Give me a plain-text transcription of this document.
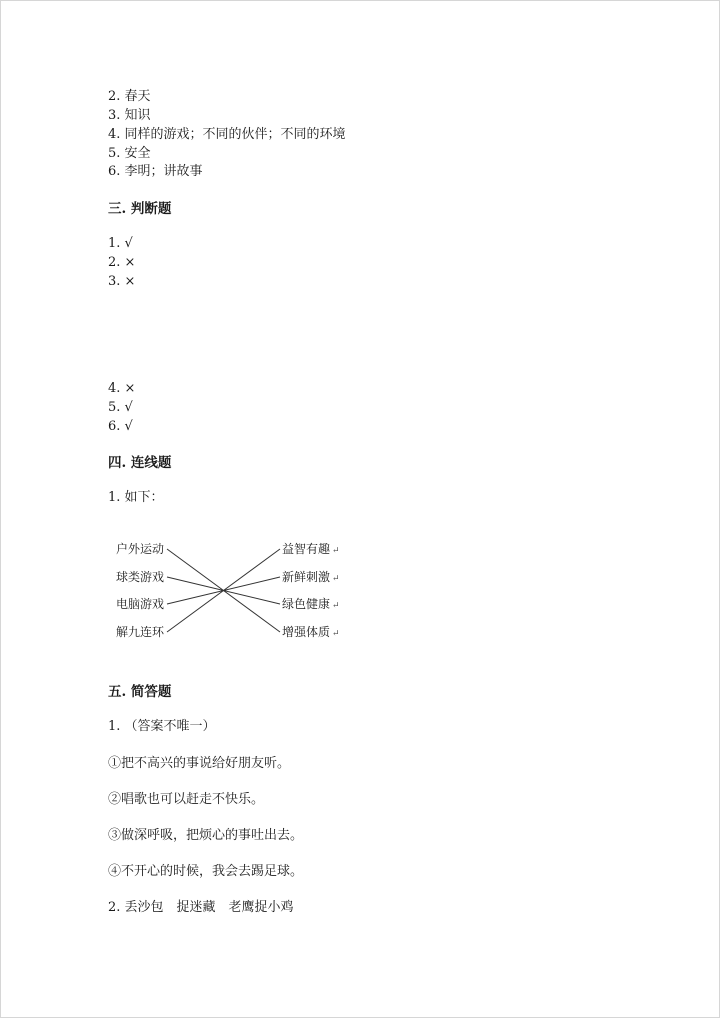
2. 春天
3. 知识
4. 同样的游戏；不同的伙伴；不同的环境
5. 安全
6. 李明；讲故事
三. 判断题
1. √
2. ×
3. ×
4. ×
5. √
6. √
四. 连线题
1. 如下：
户外运动
球类游戏
电脑游戏
解九连环
益智有趣
新鲜刺激
绿色健康
增强体质
↵
↵
↵
↵
五. 简答题
1. （答案不唯一）
①把不高兴的事说给好朋友听。
②唱歌也可以赶走不快乐。
③做深呼吸，把烦心的事吐出去。
④不开心的时候，我会去踢足球。
2. 丢沙包　捉迷藏　老鹰捉小鸡
